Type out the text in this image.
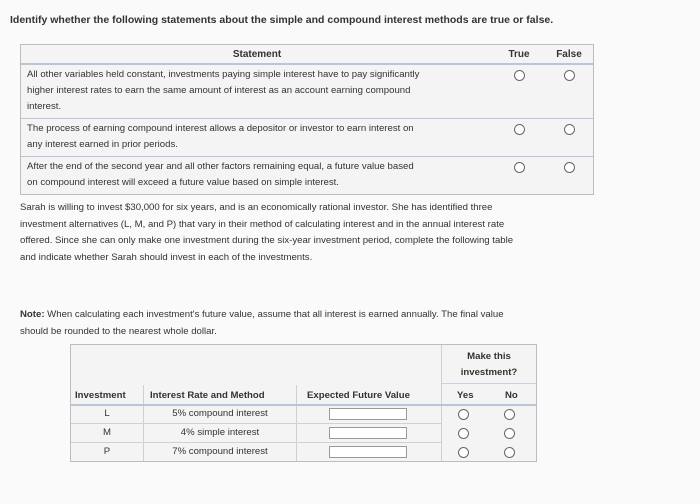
Identify whether the following statements about the simple and compound interest methods are true or false.
Statement	True	False
All other variables held constant, investments paying simple interest have to pay significantly
higher interest rates to earn the same amount of interest as an account earning compound
interest.
The process of earning compound interest allows a depositor or investor to earn interest on
any interest earned in prior periods.
After the end of the second year and all other factors remaining equal, a future value based
on compound interest will exceed a future value based on simple interest.
Sarah is willing to invest $30,000 for six years, and is an economically rational investor. She has identified three
investment alternatives (L, M, and P) that vary in their method of calculating interest and in the annual interest rate
offered. Since she can only make one investment during the six-year investment period, complete the following table
and indicate whether Sarah should invest in each of the investments.
Note: When calculating each investment's future value, assume that all interest is earned annually. The final value
should be rounded to the nearest whole dollar.
Make this
investment?
Investment	Interest Rate and Method	Expected Future Value	Yes	No
L	5% compound interest
M	4% simple interest
P	7% compound interest
